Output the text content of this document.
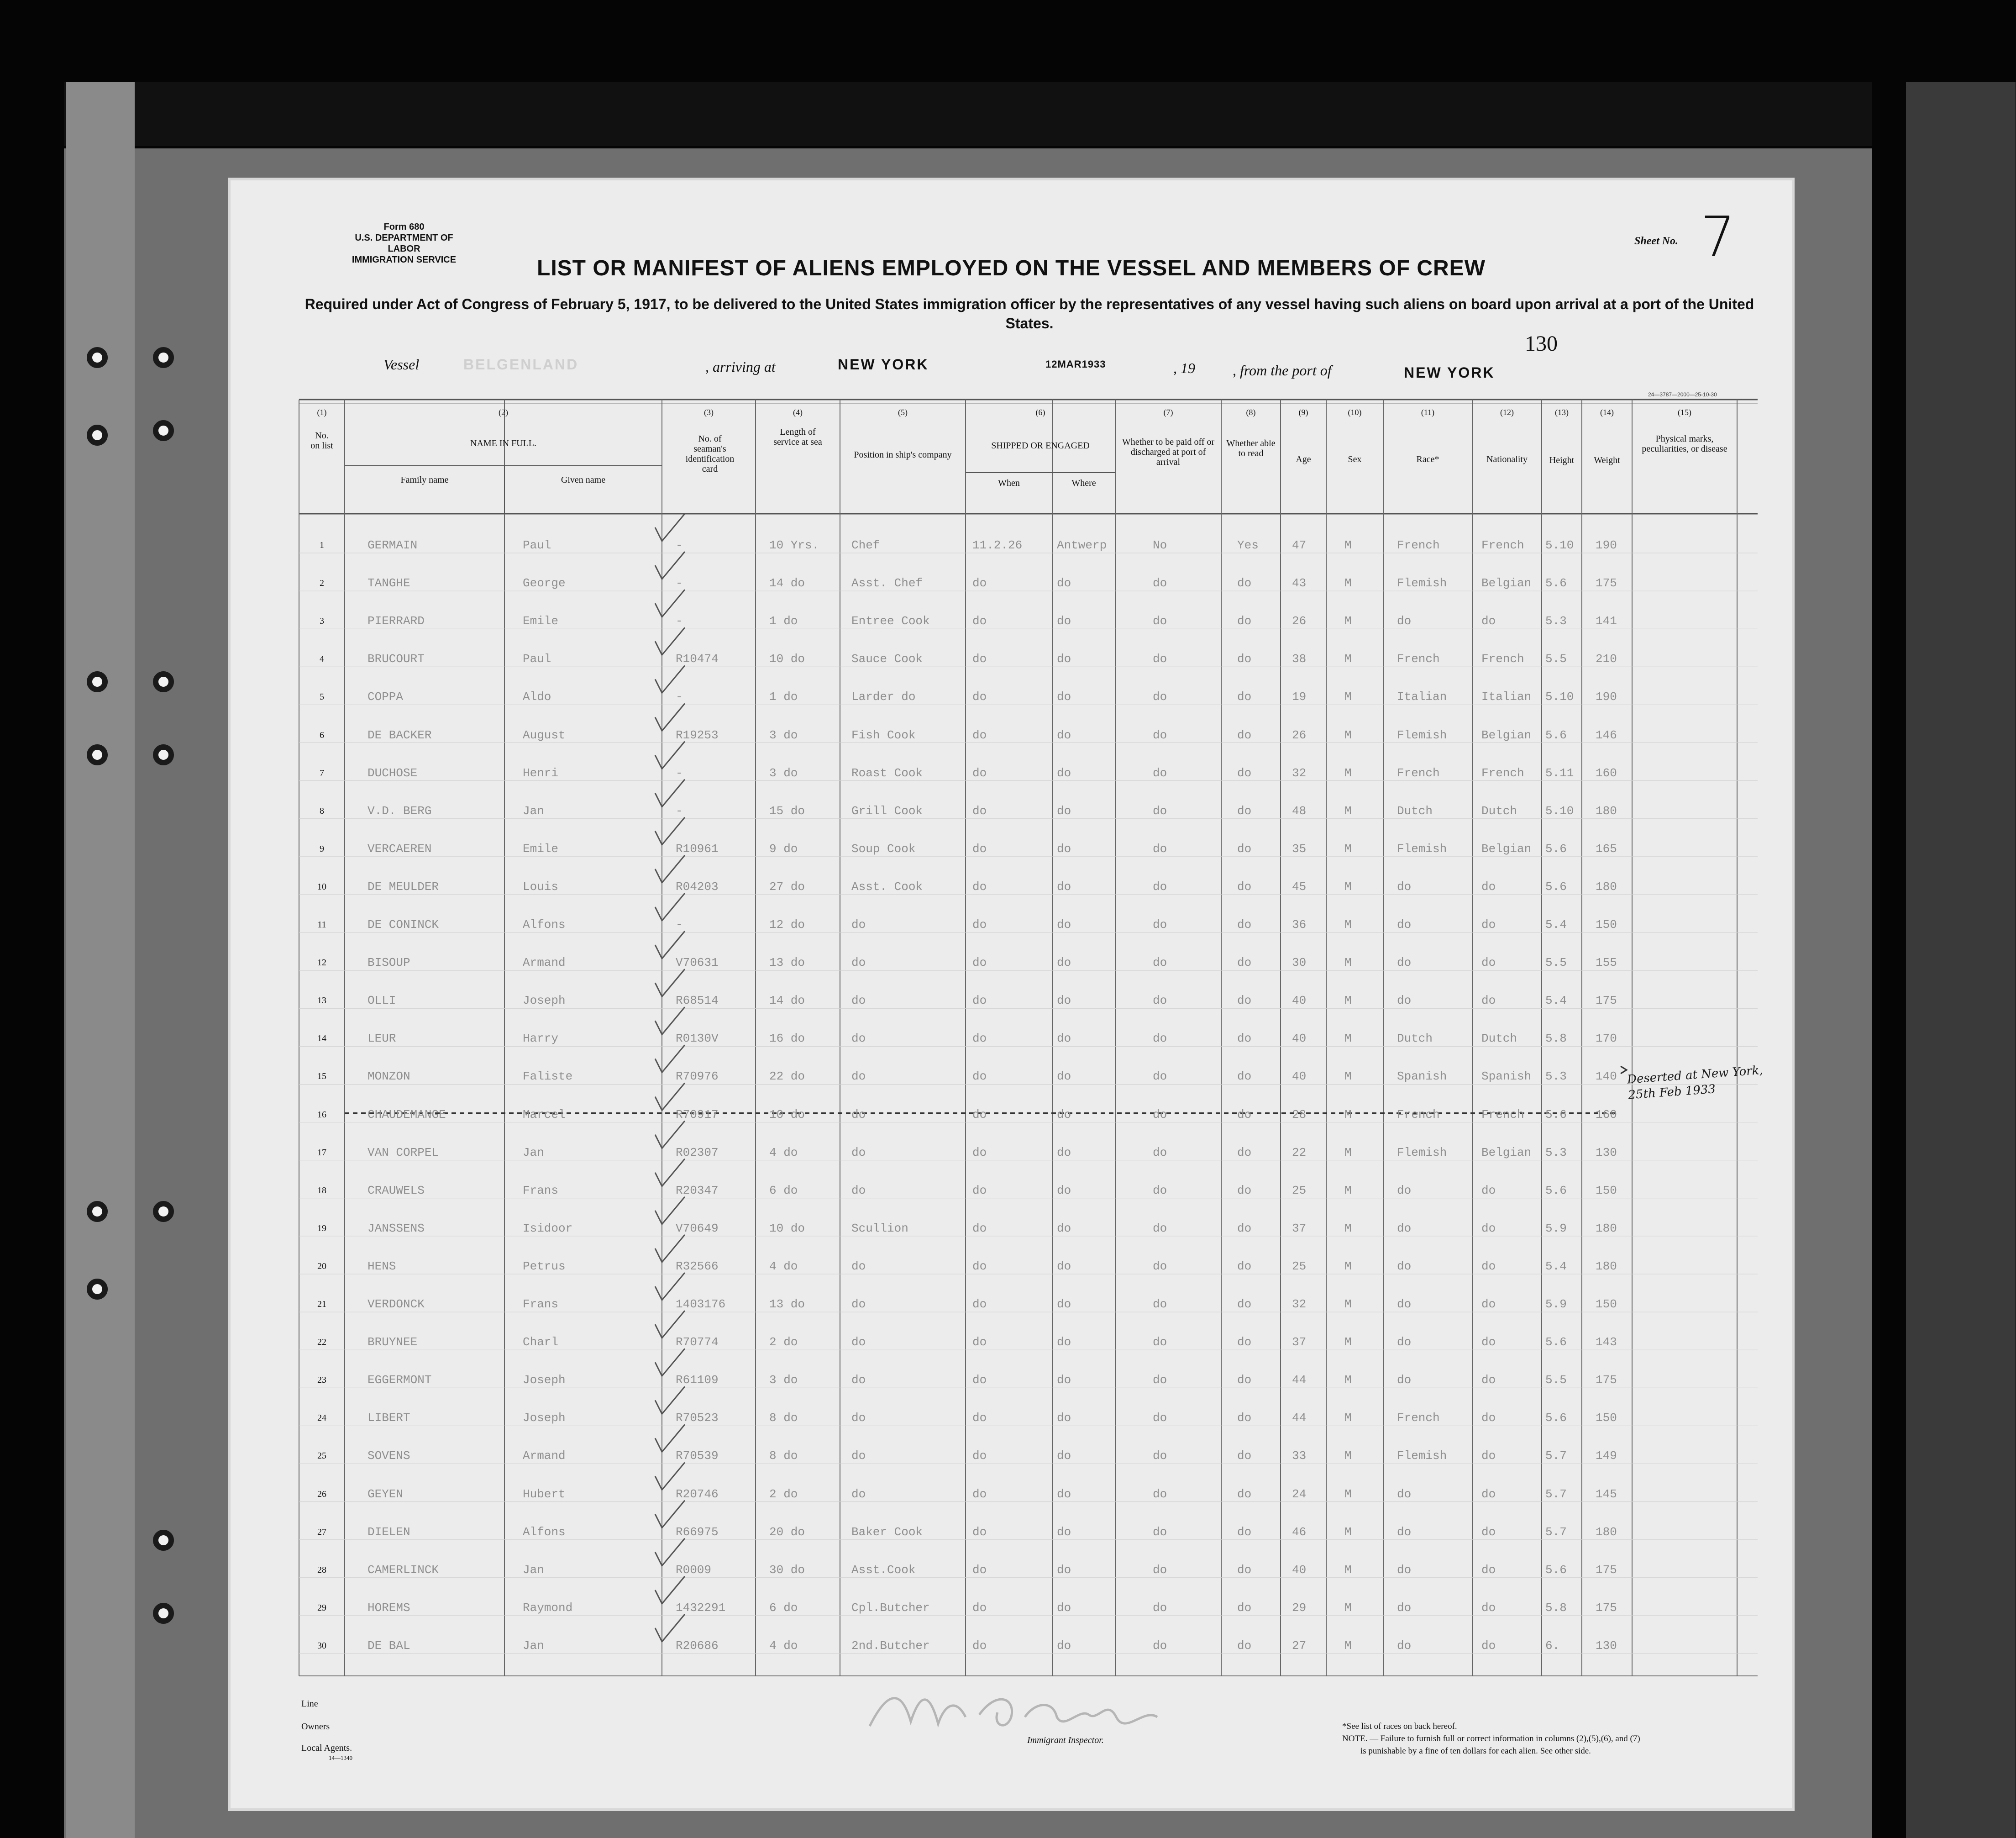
Form 680
U.S. DEPARTMENT OF LABOR
IMMIGRATION SERVICE
Sheet No. 7
LIST OR MANIFEST OF ALIENS EMPLOYED ON THE VESSEL AND MEMBERS OF CREW
Required under Act of Congress of February 5, 1917, to be delivered to the United States immigration officer by the representatives of any vessel having such aliens on board upon arrival at a port of the United States.
130
Vessel	BELGENLAND	, arriving at	NEW YORK	12MAR1933	, 19	, from the port of	NEW YORK
24—3787—2000—25-10-30
(1)	(2)	(3)	(4)	(5)	(6)	(7)	(8)	(9)	(10)	(11)	(12)	(13)	(14)	(15)
No. on list	NAME IN FULL.
Family name	Given name
No. of seaman's identification card
Length of service at sea
Position in ship's company
SHIPPED OR ENGAGED
When	Where
Whether to be paid off or discharged at port of arrival
Whether able to read
Age	Sex	Race*	Nationality	Height	Weight
Physical marks, peculiarities, or disease
1	GERMAIN	Paul	-	10 Yrs.	Chef	11.2.26	Antwerp	No	Yes	47	M	French	French 5.10 190
2	TANGHE	George	-	14 do	Asst. Chef	do	do	do	do	43	M	Flemish	Belgian 5.6 175
3	PIERRARD	Emile	-	1 do	Entree Cook	do	do	do	do	26	M	do	do	5.3 141
4	BRUCOURT	Paul	R10474	10 do	Sauce Cook	do	do	do	do	38	M	French	French 5.5 210
5	COPPA	Aldo	-	1 do	Larder do	do	do	do	do	19	M	Italian	Italian 5.10 190
6	DE BACKER	August	R19253	3 do	Fish Cook	do	do	do	do	26	M	Flemish	Belgian 5.6 146
7	DUCHOSE	Henri	-	3 do	Roast Cook	do	do	do	do	32	M	French	French 5.11 160
8	V.D. BERG	Jan	-	15 do	Grill Cook	do	do	do	do	48	M	Dutch	Dutch 5.10 180
9	VERCAEREN	Emile	R10961	9 do	Soup Cook	do	do	do	do	35	M	Flemish	Belgian 5.6 165
10	DE MEULDER	Louis	R04203	27 do	Asst. Cook	do	do	do	do	45	M	do	do	5.6 180
11	DE CONINCK	Alfons	-	12 do	do	do	do	do	do	36	M	do	do	5.4 150
12	BISOUP	Armand	V70631	13 do	do	do	do	do	do	30	M	do	do	5.5 155
13	OLLI	Joseph	R68514	14 do	do	do	do	do	do	40	M	do	do	5.4 175
14	LEUR	Harry	R0130V	16 do	do	do	do	do	do	40	M	Dutch	Dutch 5.8 170
15	MONZON	Faliste	R70976	22 do	do	do	do	do	do	40	M	Spanish	Spanish 5.3 140
16	CHAUDEMANGE	Marcel	R70917	10 do	do	do	do	do	do	28	M	French	French 5.6 160
17	VAN CORPEL	Jan	R02307	4 do	do	do	do	do	do	22	M	Flemish	Belgian 5.3 130
18	CRAUWELS	Frans	R20347	6 do	do	do	do	do	do	25	M	do	do	5.6 150
19	JANSSENS	Isidoor	V70649	10 do	Scullion	do	do	do	do	37	M	do	do	5.9 180
20	HENS	Petrus	R32566	4 do	do	do	do	do	do	25	M	do	do	5.4 180
21	VERDONCK	Frans	1403176	13 do	do	do	do	do	do	32	M	do	do	5.9 150
22	BRUYNEE	Charl	R70774	2 do	do	do	do	do	do	37	M	do	do	5.6 143
23	EGGERMONT	Joseph	R61109	3 do	do	do	do	do	do	44	M	do	do	5.5 175
24	LIBERT	Joseph	R70523	8 do	do	do	do	do	do	44	M	French	do	5.6 150
25	SOVENS	Armand	R70539	8 do	do	do	do	do	do	33	M	Flemish	do	5.7 149
26	GEYEN	Hubert	R20746	2 do	do	do	do	do	do	24	M	do	do	5.7 145
27	DIELEN	Alfons	R66975	20 do	Baker Cook	do	do	do	do	46	M	do	do	5.7 180
28	CAMERLINCK	Jan	R0009	30 do	Asst.Cook	do	do	do	do	40	M	do	do	5.6 175
29	HOREMS	Raymond	1432291	6 do	Cpl.Butcher	do	do	do	do	29	M	do	do	5.8 175
30	DE BAL	Jan	R20686	4 do	2nd.Butcher	do	do	do	do	27	M	do	do	6.	130
Deserted at New York, 25th Feb 1933
Line
Owners
Local Agents.
14—1340
Immigrant Inspector.
*See list of races on back hereof.
NOTE. — Failure to furnish full or correct information in columns (2),(5),(6), and (7)
is punishable by a fine of ten dollars for each alien. See other side.
